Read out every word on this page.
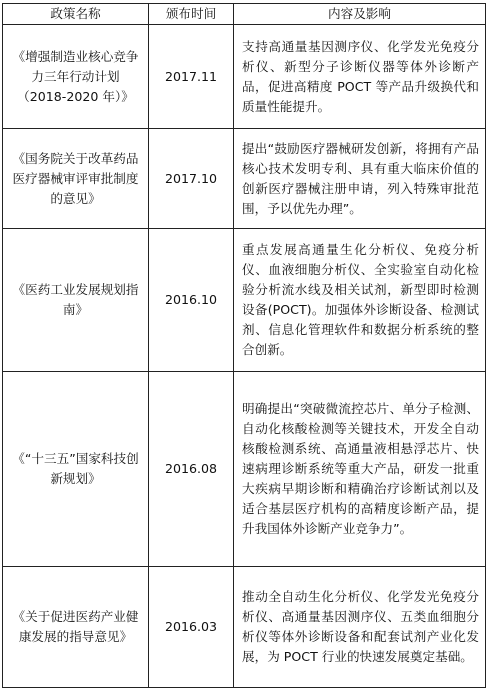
政策名称	颁布时间	内容及影响
《增强制造业核心竞争力三年行动计划（2018-2020 年）》	2017.11	支持高通量基因测序仪、化学发光免疫分析仪、新型分子诊断仪器等体外诊断产品，促进高精度 POCT 等产品升级换代和质量性能提升。
《国务院关于改革药品医疗器械审评审批制度的意见》	2017.10	提出“鼓励医疗器械研发创新，将拥有产品核心技术发明专利、具有重大临床价值的创新医疗器械注册申请，列入特殊审批范围，予以优先办理”。
《医药工业发展规划指南》	2016.10	重点发展高通量生化分析仪、免疫分析仪、血液细胞分析仪、全实验室自动化检验分析流水线及相关试剂，新型即时检测设备(POCT)。加强体外诊断设备、检测试剂、信息化管理软件和数据分析系统的整合创新。
《“十三五”国家科技创新规划》	2016.08	明确提出“突破微流控芯片、单分子检测、自动化核酸检测等关键技术，开发全自动核酸检测系统、高通量液相悬浮芯片、快速病理诊断系统等重大产品，研发一批重大疾病早期诊断和精确治疗诊断试剂以及适合基层医疗机构的高精度诊断产品，提升我国体外诊断产业竞争力”。
《关于促进医药产业健康发展的指导意见》	2016.03	推动全自动生化分析仪、化学发光免疫分析仪、高通量基因测序仪、五类血细胞分析仪等体外诊断设备和配套试剂产业化发展，为 POCT 行业的快速发展奠定基础。
